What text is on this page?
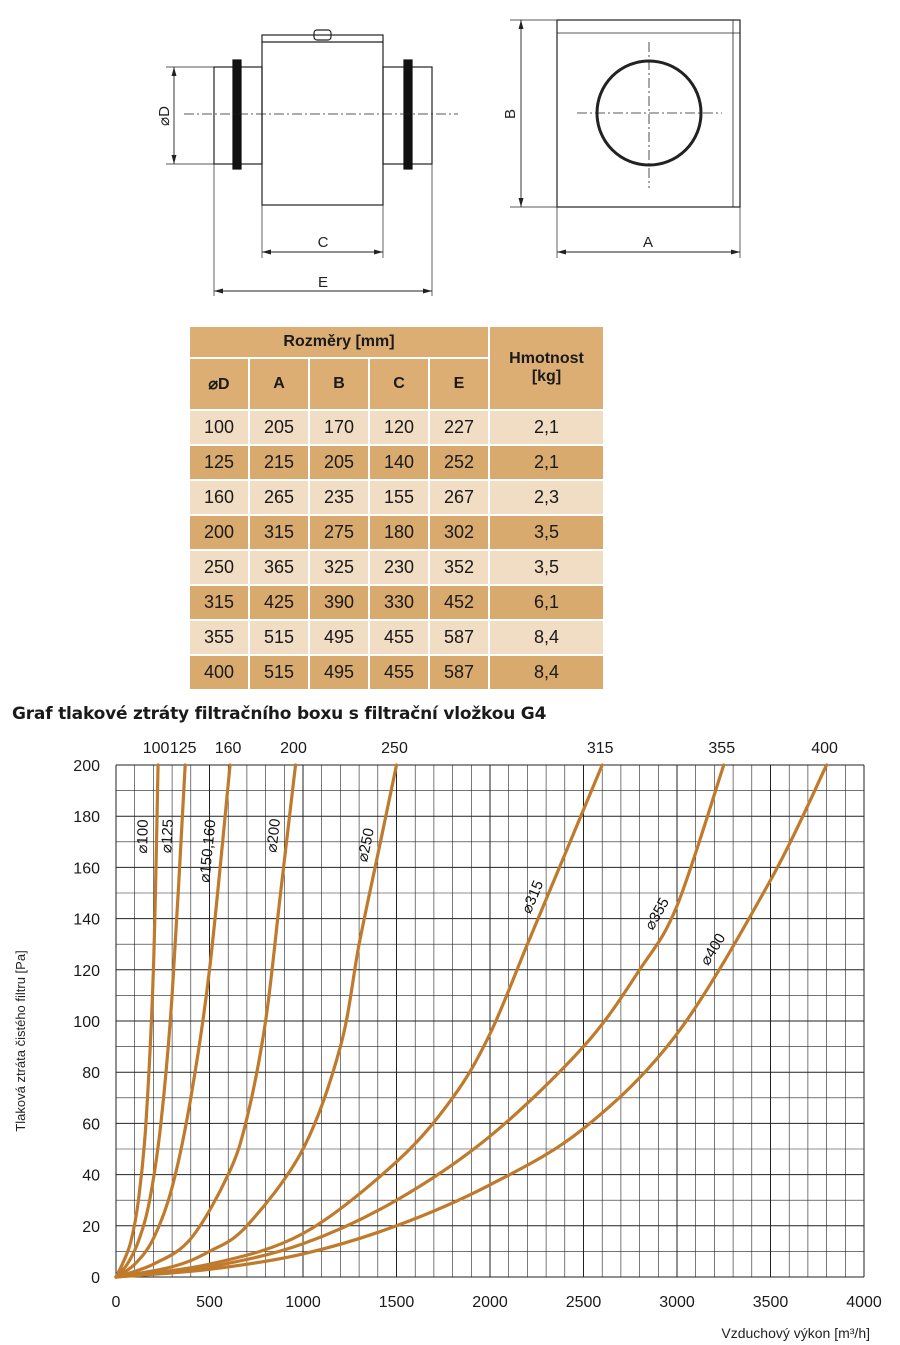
⌀D
C
E
B
A
Rozměry [mm]					Hmotnost
[kg]
⌀D	A	B	C	E	
100	205	170	120	227	2,1
125	215	205	140	252	2,1
160	265	235	155	267	2,3
200	315	275	180	302	3,5
250	365	325	230	352	3,5
315	425	390	330	452	6,1
355	515	495	455	587	8,4
400	515	495	455	587	8,4
Graf tlakové ztráty filtračního boxu s filtrační vložkou G4
0	500	1000	1500	2000	2500	3000	3500	4000
0
20
40
60
80
100
120
140
160
180
200
Vzduchový výkon [m³/h]
Tlaková ztráta čistého filtru [Pa]
100
⌀100
125
⌀125
160
⌀150,160
200
⌀200
250
⌀250
315
⌀315
355
⌀355
400
⌀400
